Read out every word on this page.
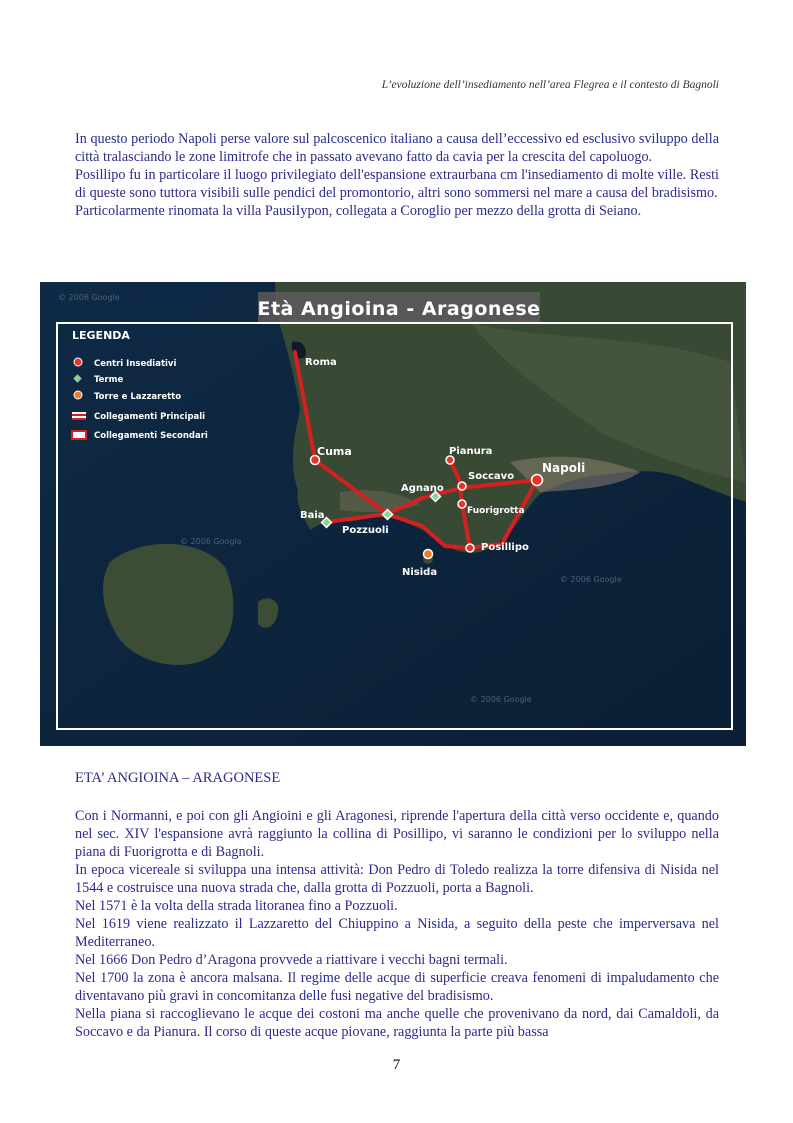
L’evoluzione dell’insediamento nell’area Flegrea e il contesto di Bagnoli

In questo periodo Napoli perse valore sul palcoscenico italiano a causa dell’eccessivo ed esclusivo sviluppo della città tralasciando le zone limitrofe che in passato avevano fatto da cavia per la crescita del capoluogo.

Posillipo fu in particolare il luogo privilegiato dell'espansione extraurbana cm l'insediamento di molte ville. Resti di queste sono tuttora visibili sulle pendici del promontorio, altri sono sommersi nel mare a causa del bradisismo.

Particolarmente rinomata la villa PausiIypon, collegata a Coroglio per mezzo della grotta di Seiano.

© 2006 Google
© 2006 Google
© 2006 Google
© 2006 Google
Età Angioina - Aragonese
LEGENDA
Centri Insediativi
Terme
Torre e Lazzaretto
Collegamenti Principali
Collegamenti Secondari
Roma
Cuma
Baia
Pozzuoli
Agnano
Pianura
Soccavo
Napoli
Fuorigrotta
Posillipo
Nisida
ETA’ ANGIOINA – ARAGONESE

Con i Normanni, e poi con gli Angioini e gli Aragonesi, riprende l'apertura della città verso occidente e, quando nel sec. XIV l'espansione avrà raggiunto la collina di Posillipo, vi saranno le condizioni per lo sviluppo nella piana di Fuorigrotta e di Bagnoli.

In epoca vicereale si sviluppa una intensa attività: Don Pedro di Toledo realizza la torre difensiva di Nisida nel 1544 e costruisce una nuova strada che, dalla grotta di Pozzuoli, porta a Bagnoli.

Nel 1571 è la volta della strada litoranea fino a Pozzuoli.

Nel 1619 viene realizzato il Lazzaretto del Chiuppino a Nisida, a seguito della peste che imperversava nel Mediterraneo.

Nel 1666 Don Pedro d’Aragona provvede a riattivare i vecchi bagni termali.

Nel 1700 la zona è ancora malsana. Il regime delle acque di superficie creava fenomeni di impaludamento che diventavano più gravi in concomitanza delle fusi negative del bradisismo.

Nella piana si raccoglievano le acque dei costoni ma anche quelle che provenivano da nord, dai Camaldoli, da Soccavo e da Pianura. Il corso di queste acque piovane, raggiunta la parte più bassa

7
